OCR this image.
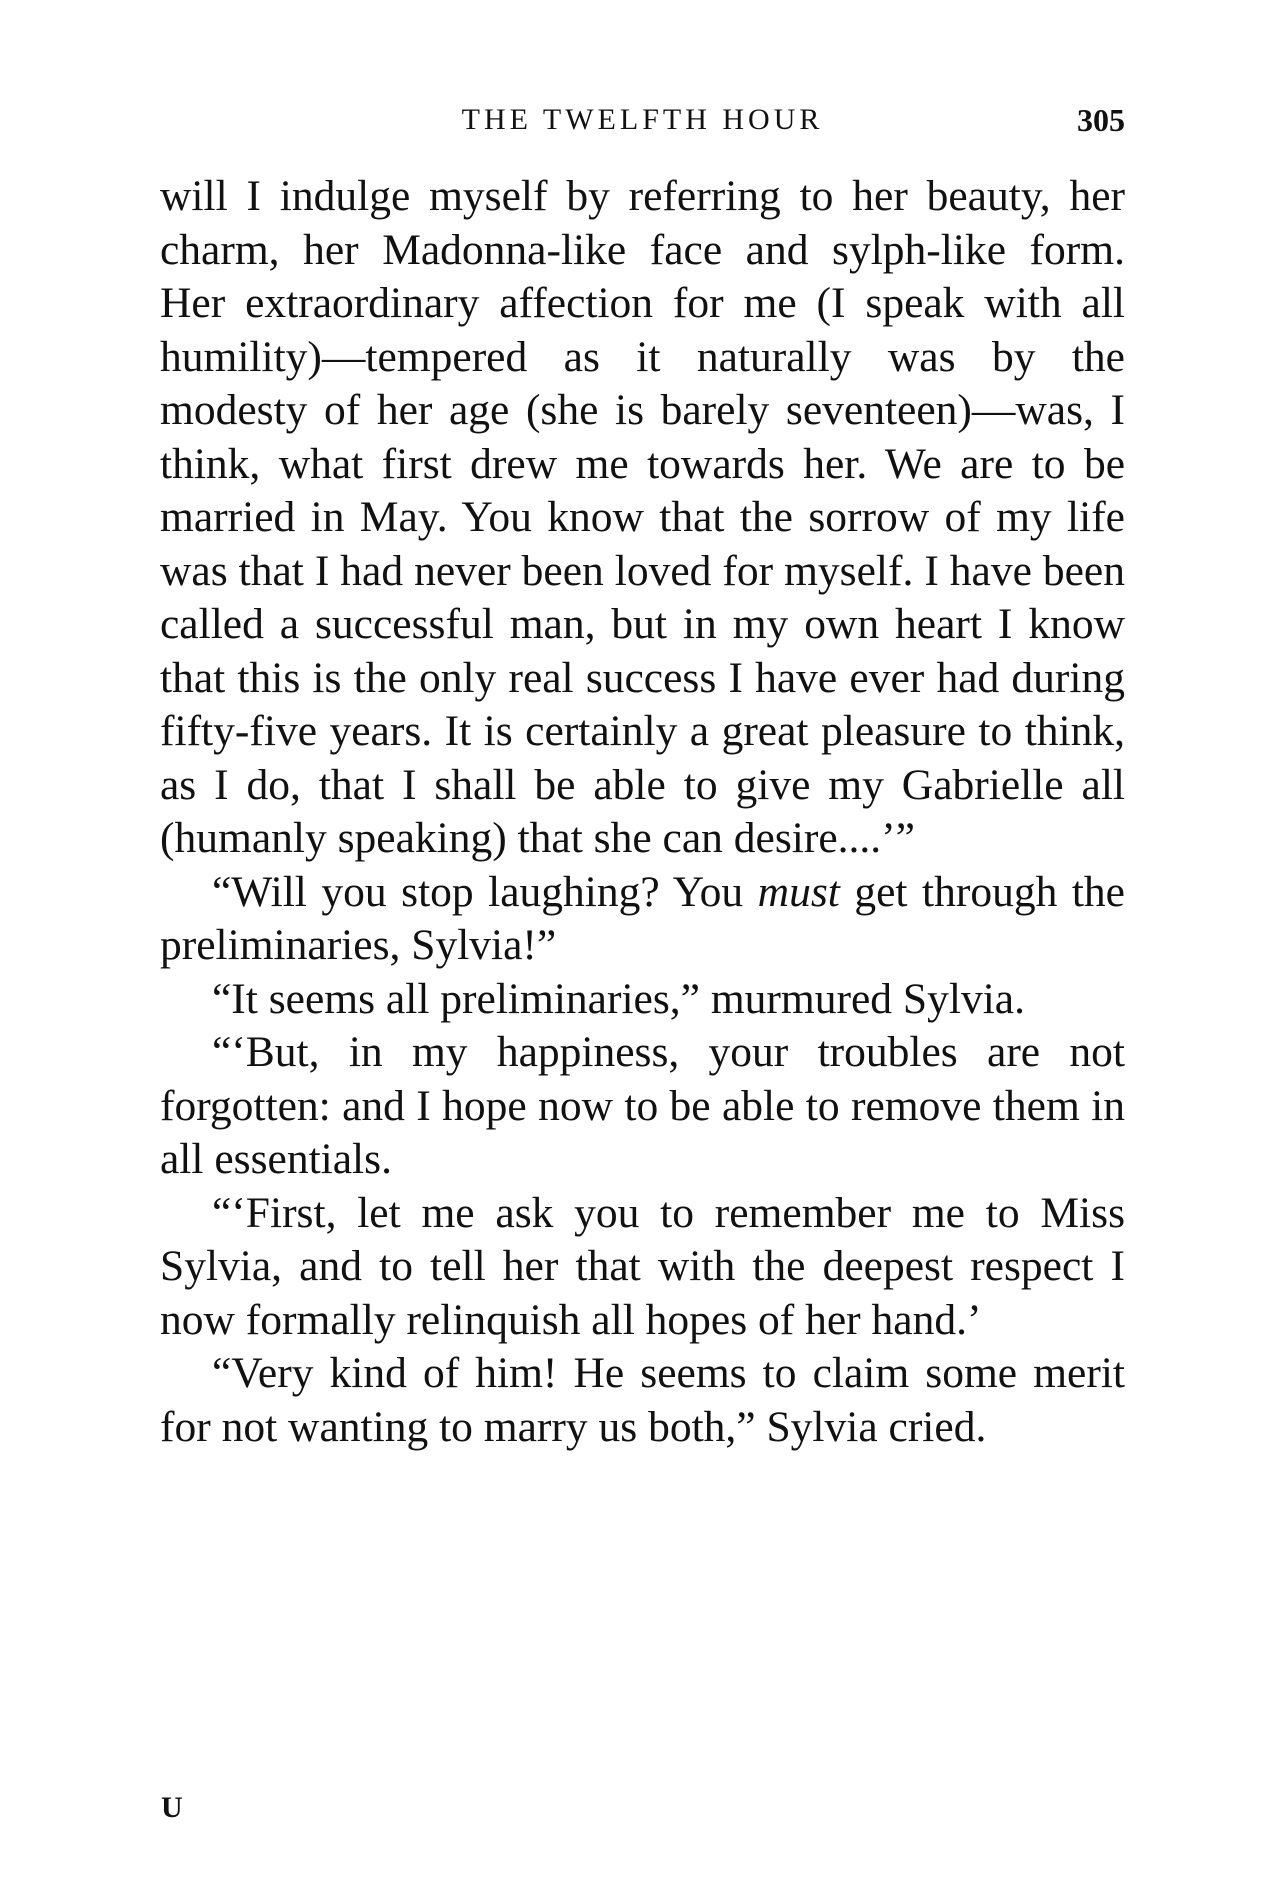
THE TWELFTH HOUR	305

will I indulge myself by referring to her beauty, her charm, her Madonna-like face and sylph-like form. Her extraordinary affection for me (I speak with all humility)—tempered as it naturally was by the modesty of her age (she is barely seventeen)—was, I think, what first drew me towards her. We are to be married in May. You know that the sorrow of my life was that I had never been loved for myself. I have been called a successful man, but in my own heart I know that this is the only real success I have ever had during fifty-five years. It is certainly a great pleasure to think, as I do, that I shall be able to give my Gabrielle all (humanly speaking) that she can desire....’”

“Will you stop laughing? You must get through the preliminaries, Sylvia!”

“It seems all preliminaries,” murmured Sylvia.

“‘But, in my happiness, your troubles are not forgotten: and I hope now to be able to remove them in all essentials.

“‘First, let me ask you to remember me to Miss Sylvia, and to tell her that with the deepest respect I now formally relinquish all hopes of her hand.’

“Very kind of him! He seems to claim some merit for not wanting to marry us both,” Sylvia cried.

U
